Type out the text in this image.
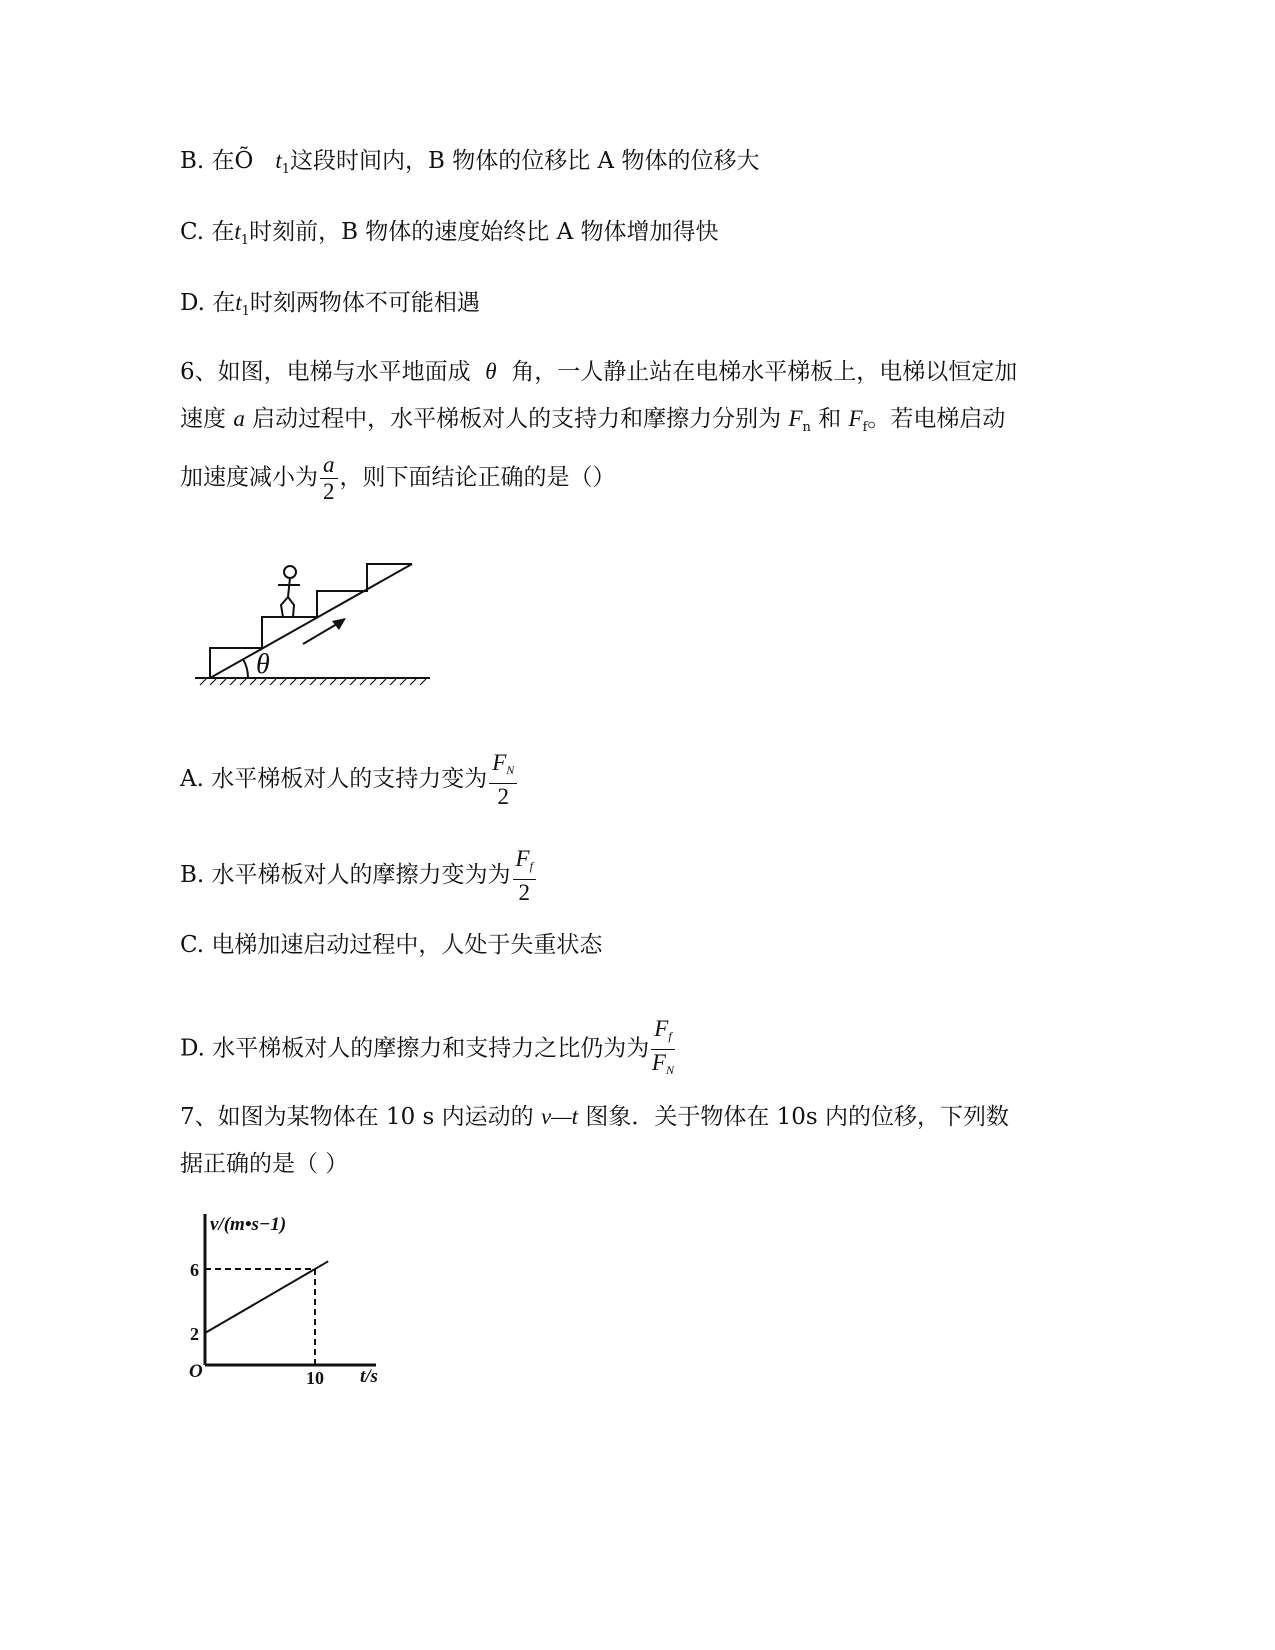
B. 在Õ $t_1$这段时间内，B 物体的位移比 A 物体的位移大
C. 在$t_1$时刻前，B 物体的速度始终比 A 物体增加得快
D. 在$t_1$时刻两物体不可能相遇
6、如图，电梯与水平地面成 θ 角，一人静止站在电梯水平梯板上，电梯以恒定加
速度 a 启动过程中，水平梯板对人的支持力和摩擦力分别为 $F_n$ 和 $F_f$。若电梯启动
加速度减小为 $\frac{a}{2}$ ，则下面结论正确的是（）
θ
A. 水平梯板对人的支持力变为 $\frac{FN}{2}$
B. 水平梯板对人的摩擦力变为为 $\frac{Ff}{2}$
C. 电梯加速启动过程中，人处于失重状态
D. 水平梯板对人的摩擦力和支持力之比仍为为 $\frac{Ff}{FN}$
7、如图为某物体在 10 s 内运动的 v—t 图象．关于物体在 10s 内的位移，下列数
据正确的是（ ）
v/(m•s−1)
t/s
O
2
6
10
